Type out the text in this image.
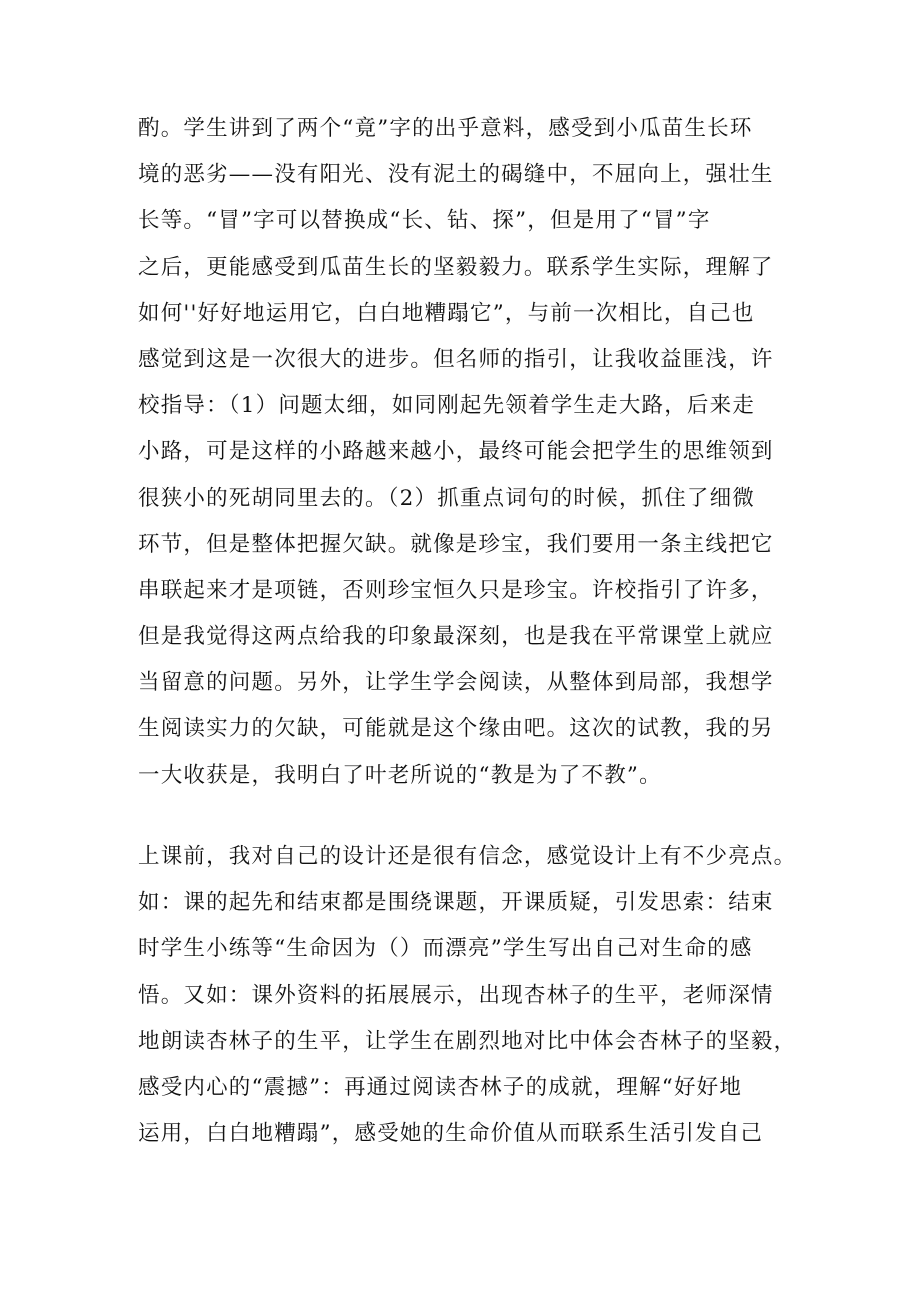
酌。学生讲到了两个“竟”字的出乎意料，感受到小瓜苗生长环
境的恶劣——没有阳光、没有泥土的碣缝中，不屈向上，强壮生
长等。“冒”字可以替换成“长、钻、探”，但是用了“冒”字
之后，更能感受到瓜苗生长的坚毅毅力。联系学生实际，理解了
如何''好好地运用它，白白地糟蹋它”，与前一次相比，自己也
感觉到这是一次很大的进步。但名师的指引，让我收益匪浅，许
校指导：（1）问题太细，如同刚起先领着学生走大路，后来走
小路，可是这样的小路越来越小，最终可能会把学生的思维领到
很狭小的死胡同里去的。（2）抓重点词句的时候，抓住了细微
环节，但是整体把握欠缺。就像是珍宝，我们要用一条主线把它
串联起来才是项链，否则珍宝恒久只是珍宝。许校指引了许多，
但是我觉得这两点给我的印象最深刻，也是我在平常课堂上就应
当留意的问题。另外，让学生学会阅读，从整体到局部，我想学
生阅读实力的欠缺，可能就是这个缘由吧。这次的试教，我的另
一大收获是，我明白了叶老所说的“教是为了不教”。
上课前，我对自己的设计还是很有信念，感觉设计上有不少亮点。
如：课的起先和结束都是围绕课题，开课质疑，引发思索：结束
时学生小练等“生命因为（）而漂亮”学生写出自己对生命的感
悟。又如：课外资料的拓展展示，出现杏林子的生平，老师深情
地朗读杏林子的生平，让学生在剧烈地对比中体会杏林子的坚毅，
感受内心的“震撼”：再通过阅读杏林子的成就，理解“好好地
运用，白白地糟蹋”，感受她的生命价值从而联系生活引发自己
